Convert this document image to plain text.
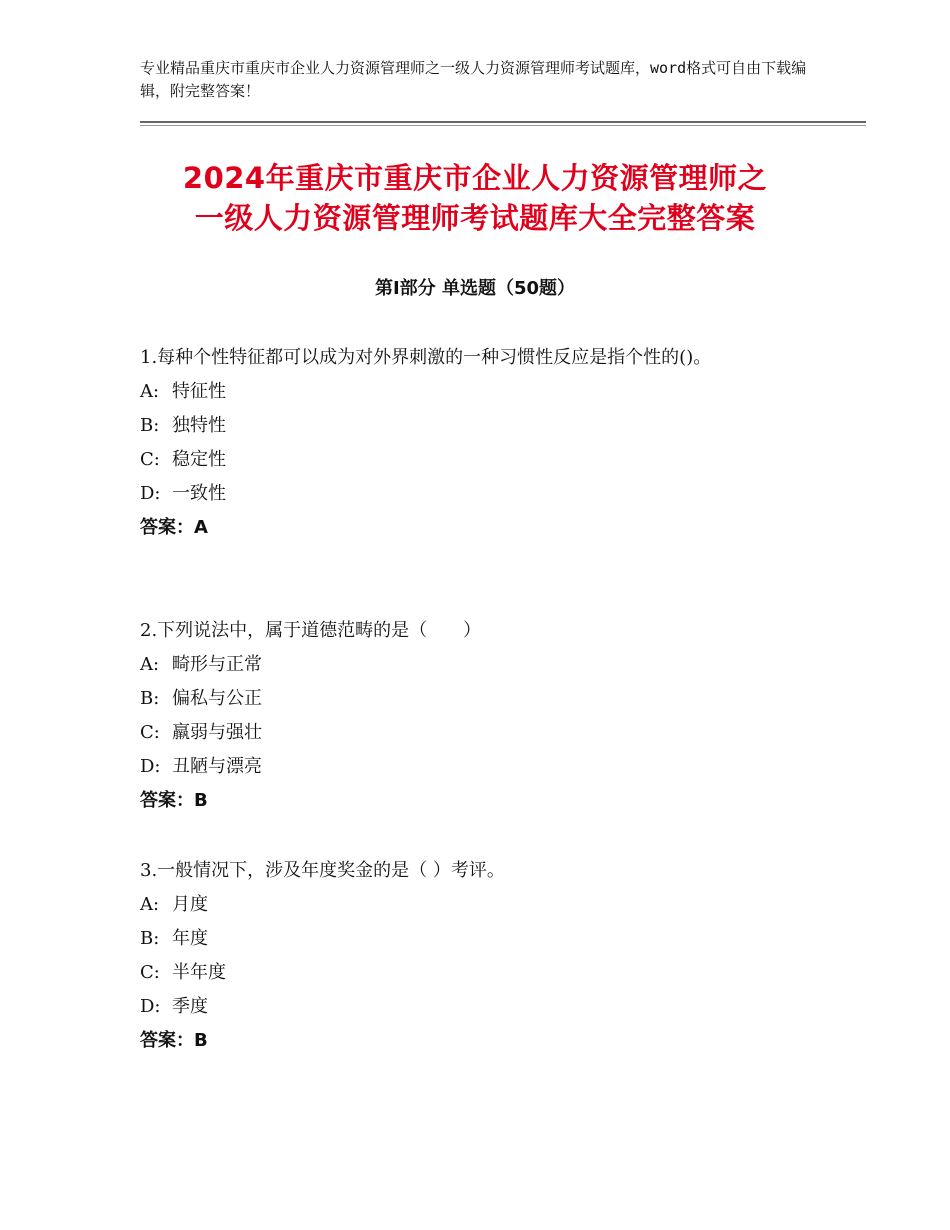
专业精品重庆市重庆市企业人力资源管理师之一级人力资源管理师考试题库，word格式可自由下载编辑，附完整答案！
2024年重庆市重庆市企业人力资源管理师之
一级人力资源管理师考试题库大全完整答案
第Ⅰ部分 单选题（50题）
1.每种个性特征都可以成为对外界刺激的一种习惯性反应是指个性的()。
A: 特征性
B: 独特性
C: 稳定性
D: 一致性
答案：A
2.下列说法中，属于道德范畴的是（　　）
A: 畸形与正常
B: 偏私与公正
C: 羸弱与强壮
D: 丑陋与漂亮
答案：B
3.一般情况下，涉及年度奖金的是（ ）考评。
A: 月度
B: 年度
C: 半年度
D: 季度
答案：B
